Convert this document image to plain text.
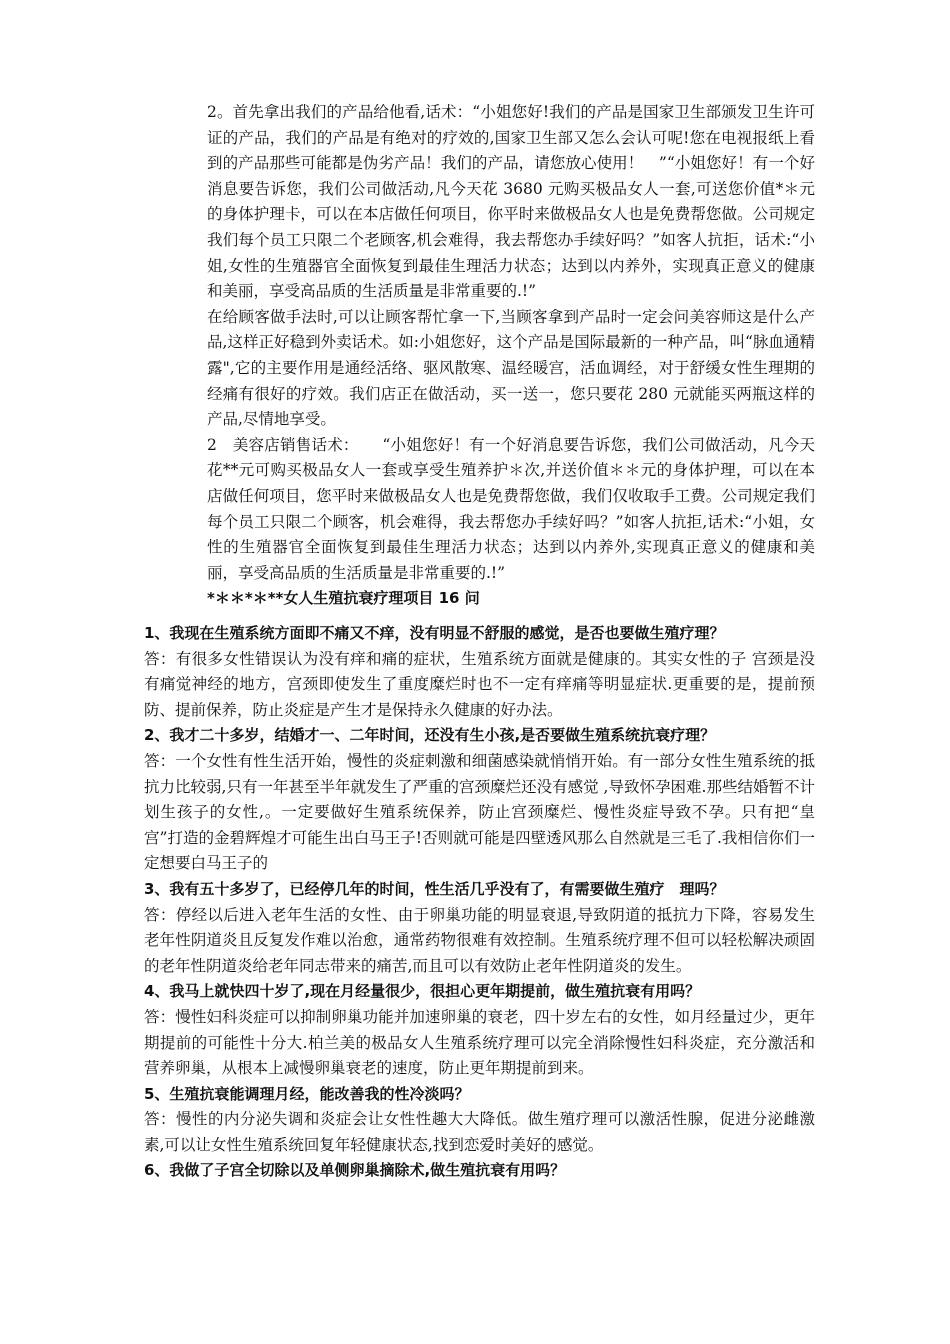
2。首先拿出我们的产品给他看,话术：“小姐您好!我们的产品是国家卫生部颁发卫生许可证的产品，我们的产品是有绝对的疗效的,国家卫生部又怎么会认可呢!您在电视报纸上看到的产品那些可能都是伪劣产品！我们的产品，请您放心使用！　”“小姐您好！有一个好消息要告诉您，我们公司做活动,凡今天花 3680 元购买极品女人一套,可送您价值*＊元的身体护理卡，可以在本店做任何项目，你平时来做极品女人也是免费帮您做。公司规定我们每个员工只限二个老顾客,机会难得，我去帮您办手续好吗？”如客人抗拒，话术:“小姐,女性的生殖器官全面恢复到最佳生理活力状态；达到以内养外，实现真正意义的健康和美丽，享受高品质的生活质量是非常重要的.!”

在给顾客做手法时,可以让顾客帮忙拿一下,当顾客拿到产品时一定会问美容师这是什么产品,这样正好稳到外卖话术。如:小姐您好，这个产品是国际最新的一种产品，叫“脉血通精露",它的主要作用是通经活络、驱风散寒、温经暖宫，活血调经，对于舒缓女性生理期的经痛有很好的疗效。我们店正在做活动，买一送一，您只要花 280 元就能买两瓶这样的产品,尽情地享受。

2　美容店销售话术：　　“小姐您好！有一个好消息要告诉您，我们公司做活动，凡今天花**元可购买极品女人一套或享受生殖养护＊次,并送价值＊＊元的身体护理，可以在本店做任何项目，您平时来做极品女人也是免费帮您做，我们仅收取手工费。公司规定我们每个员工只限二个顾客，机会难得，我去帮您办手续好吗？”如客人抗拒,话术:“小姐，女性的生殖器官全面恢复到最佳生理活力状态；达到以内养外,实现真正意义的健康和美丽，享受高品质的生活质量是非常重要的.!”

*＊＊*＊**女人生殖抗衰疗理项目 16 问

1、我现在生殖系统方面即不痛又不痒，没有明显不舒服的感觉，是否也要做生殖疗理？

答：有很多女性错误认为没有痒和痛的症状，生殖系统方面就是健康的。其实女性的子 宫颈是没有痛觉神经的地方，宫颈即使发生了重度糜烂时也不一定有痒痛等明显症状.更重要的是，提前预防、提前保养，防止炎症是产生才是保持永久健康的好办法。

2、我才二十多岁，结婚才一、二年时间，还没有生小孩,是否要做生殖系统抗衰疗理？

答：一个女性有性生活开始，慢性的炎症刺激和细菌感染就悄悄开始。有一部分女性生殖系统的抵抗力比较弱,只有一年甚至半年就发生了严重的宫颈糜烂还没有感觉 ,导致怀孕困难.那些结婚暂不计划生孩子的女性,。一定要做好生殖系统保养，防止宫颈糜烂、慢性炎症导致不孕。只有把“皇宫”打造的金碧辉煌才可能生出白马王子!否则就可能是四壁透风那么自然就是三毛了.我相信你们一定想要白马王子的

3、我有五十多岁了，已经停几年的时间，性生活几乎没有了，有需要做生殖疗　理吗？

答：停经以后进入老年生活的女性、由于卵巢功能的明显衰退,导致阴道的抵抗力下降，容易发生老年性阴道炎且反复发作难以治愈，通常药物很难有效控制。生殖系统疗理不但可以轻松解决顽固的老年性阴道炎给老年同志带来的痛苦,而且可以有效防止老年性阴道炎的发生。

4、我马上就快四十岁了,现在月经量很少，很担心更年期提前，做生殖抗衰有用吗？

答：慢性妇科炎症可以抑制卵巢功能并加速卵巢的衰老，四十岁左右的女性，如月经量过少，更年期提前的可能性十分大.柏兰美的极品女人生殖系统疗理可以完全消除慢性妇科炎症，充分激活和营养卵巢，从根本上减慢卵巢衰老的速度，防止更年期提前到来。

5、生殖抗衰能调理月经，能改善我的性冷淡吗？

答：慢性的内分泌失调和炎症会让女性性趣大大降低。做生殖疗理可以激活性腺，促进分泌雌激素,可以让女性生殖系统回复年轻健康状态,找到恋爱时美好的感觉。

6、我做了子宫全切除以及单侧卵巢摘除术,做生殖抗衰有用吗？
